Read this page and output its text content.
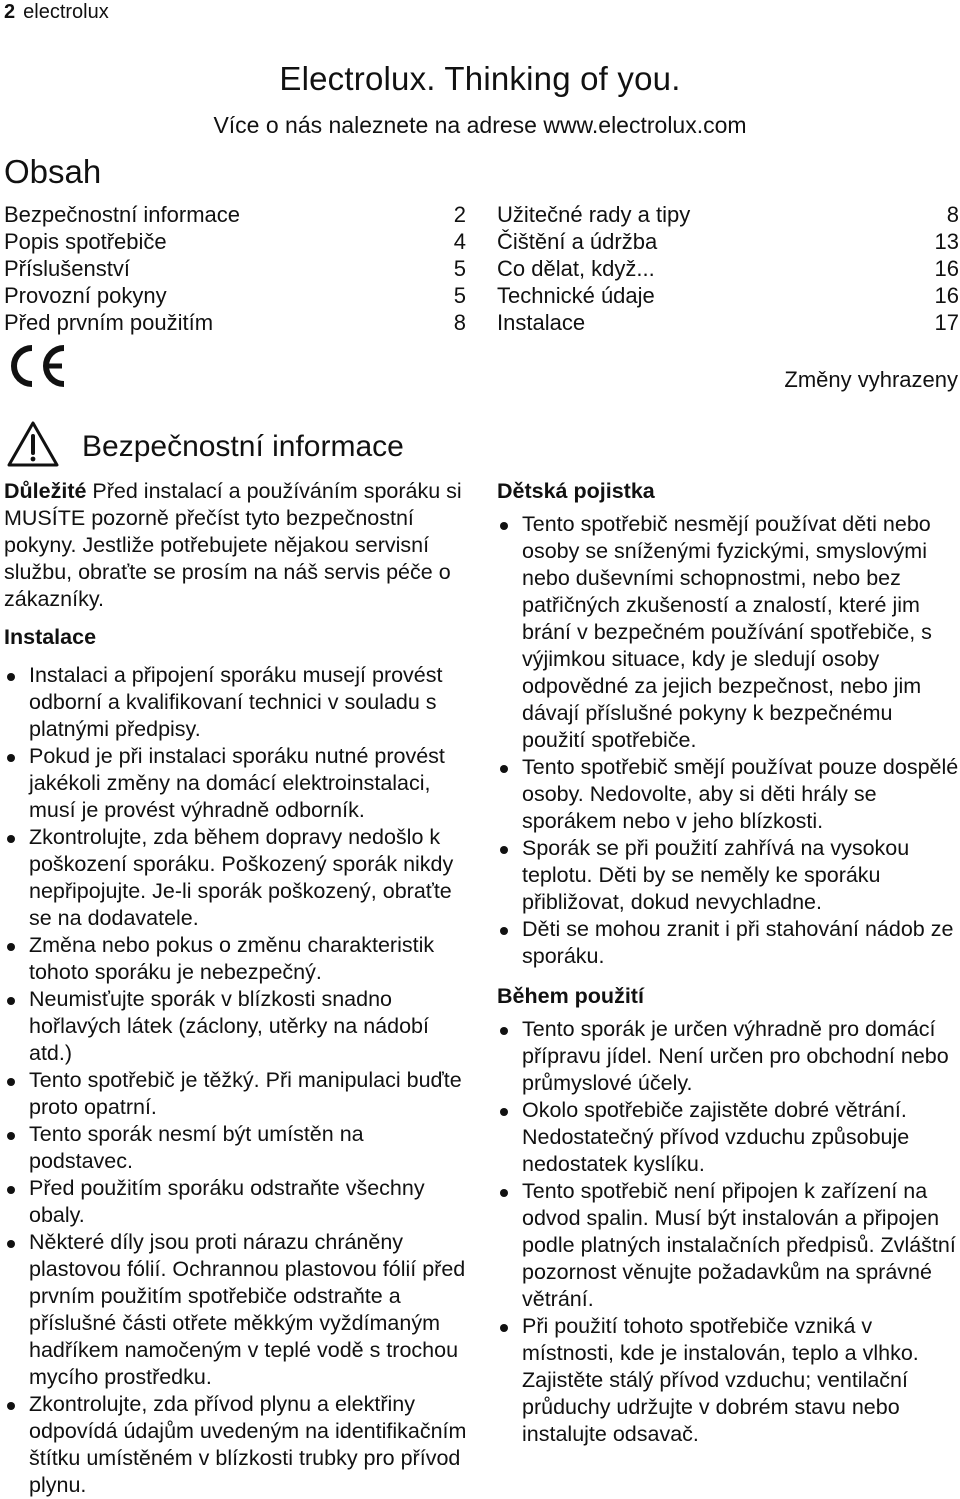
2 electrolux
Electrolux. Thinking of you.
Více o nás naleznete na adrese www.electrolux.com
Obsah
Bezpečnostní informace	2
Popis spotřebiče	4
Příslušenství	5
Provozní pokyny	5
Před prvním použitím	8
Užitečné rady a tipy	8
Čištění a údržba	13
Co dělat, když...	16
Technické údaje	16
Instalace	17
Změny vyhrazeny
Bezpečnostní informace

Důležité Před instalací a používáním sporáku si MUSÍTE pozorně přečíst tyto bezpečnostní pokyny. Jestliže potřebujete nějakou servisní službu, obraťte se prosím na náš servis péče o zákazníky.

Instalace
Instalaci a připojení sporáku musejí provést odborní a kvalifikovaní technici v souladu s platnými předpisy.
Pokud je při instalaci sporáku nutné provést jakékoli změny na domácí elektroinstalaci, musí je provést výhradně odborník.
Zkontrolujte, zda během dopravy nedošlo k poškození sporáku. Poškozený sporák nikdy nepřipojujte. Je-li sporák poškozený, obraťte se na dodavatele.
Změna nebo pokus o změnu charakteristik tohoto sporáku je nebezpečný.
Neumisťujte sporák v blízkosti snadno hořlavých látek (záclony, utěrky na nádobí atd.)
Tento spotřebič je těžký. Při manipulaci buďte proto opatrní.
Tento sporák nesmí být umístěn na podstavec.
Před použitím sporáku odstraňte všechny obaly.
Některé díly jsou proti nárazu chráněny plastovou fólií. Ochrannou plastovou fólií před prvním použitím spotřebiče odstraňte a příslušné části otřete měkkým vyždímaným hadříkem namočeným v teplé vodě s trochou mycího prostředku.
Zkontrolujte, zda přívod plynu a elektřiny odpovídá údajům uvedeným na identifikačním štítku umístěném v blízkosti trubky pro přívod plynu.
Dětská pojistka
Tento spotřebič nesmějí používat děti nebo osoby se sníženými fyzickými, smyslovými nebo duševními schopnostmi, nebo bez patřičných zkušeností a znalostí, které jim brání v bezpečném používání spotřebiče, s výjimkou situace, kdy je sledují osoby odpovědné za jejich bezpečnost, nebo jim dávají příslušné pokyny k bezpečnému použití spotřebiče.
Tento spotřebič smějí používat pouze dospělé osoby. Nedovolte, aby si děti hrály se sporákem nebo v jeho blízkosti.
Sporák se při použití zahřívá na vysokou teplotu. Děti by se neměly ke sporáku přibližovat, dokud nevychladne.
Děti se mohou zranit i při stahování nádob ze sporáku.
Během použití
Tento sporák je určen výhradně pro domácí přípravu jídel. Není určen pro obchodní nebo průmyslové účely.
Okolo spotřebiče zajistěte dobré větrání. Nedostatečný přívod vzduchu způsobuje nedostatek kyslíku.
Tento spotřebič není připojen k zařízení na odvod spalin. Musí být instalován a připojen podle platných instalačních předpisů. Zvláštní pozornost věnujte požadavkům na správné větrání.
Při použití tohoto spotřebiče vzniká v místnosti, kde je instalován, teplo a vlhko. Zajistěte stálý přívod vzduchu; ventilační průduchy udržujte v dobrém stavu nebo instalujte odsavač.
